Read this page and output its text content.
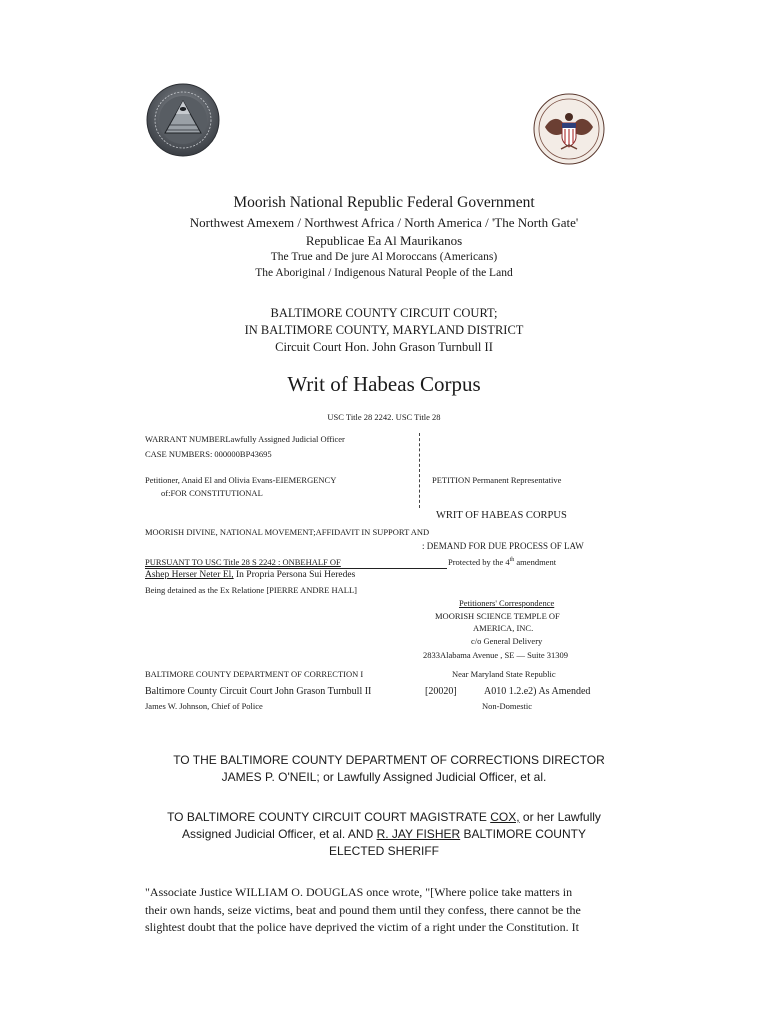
Moorish National Republic Federal Government
Northwest Amexem / Northwest Africa / North America / 'The North Gate'
Republicae Ea Al Maurikanos
The True and De jure Al Moroccans (Americans)
The Aboriginal / Indigenous Natural People of the Land
BALTIMORE COUNTY CIRCUIT COURT;
IN BALTIMORE COUNTY, MARYLAND DISTRICT
Circuit Court Hon. John Grason Turnbull II
Writ of Habeas Corpus
USC Title 28 2242. USC Title 28
WARRANT NUMBERLawfully Assigned Judicial Officer
CASE NUMBERS: 000000BP43695
Petitioner, Anaid El and Olivia Evans-EIEMERGENCY
of:FOR CONSTITUTIONAL
PETITION Permanent Representative
WRIT OF HABEAS CORPUS
MOORISH DIVINE, NATIONAL MOVEMENT;AFFIDAVIT IN SUPPORT AND
: DEMAND FOR DUE PROCESS OF LAW
PURSUANT TO USC Title 28 S 2242 : ONBEHALF OF	Protected by the 4th amendment
Ashep Herser Neter El, In Propria Persona Sui Heredes
Being detained as the Ex Relatione [PIERRE ANDRE HALL]
Petitioners' Correspondence
MOORISH SCIENCE TEMPLE OF
AMERICA, INC.
c/o General Delivery
2833Alabama Avenue , SE — Suite 31309
BALTIMORE COUNTY DEPARTMENT OF CORRECTION I	Near Maryland State Republic
Baltimore County Circuit Court John Grason Turnbull II	[20020]	A010 1.2.e2) As Amended
James W. Johnson, Chief of Police	Non-Domestic
TO THE BALTIMORE COUNTY DEPARTMENT OF CORRECTIONS DIRECTOR
JAMES P. O'NEIL; or Lawfully Assigned Judicial Officer, et al.
TO BALTIMORE COUNTY CIRCUIT COURT MAGISTRATE COX, or her Lawfully
Assigned Judicial Officer, et al. AND R. JAY FISHER BALTIMORE COUNTY
ELECTED SHERIFF
"Associate Justice WILLIAM O. DOUGLAS once wrote, "[Where police take matters in
their own hands, seize victims, beat and pound them until they confess, there cannot be the
slightest doubt that the police have deprived the victim of a right under the Constitution. It
